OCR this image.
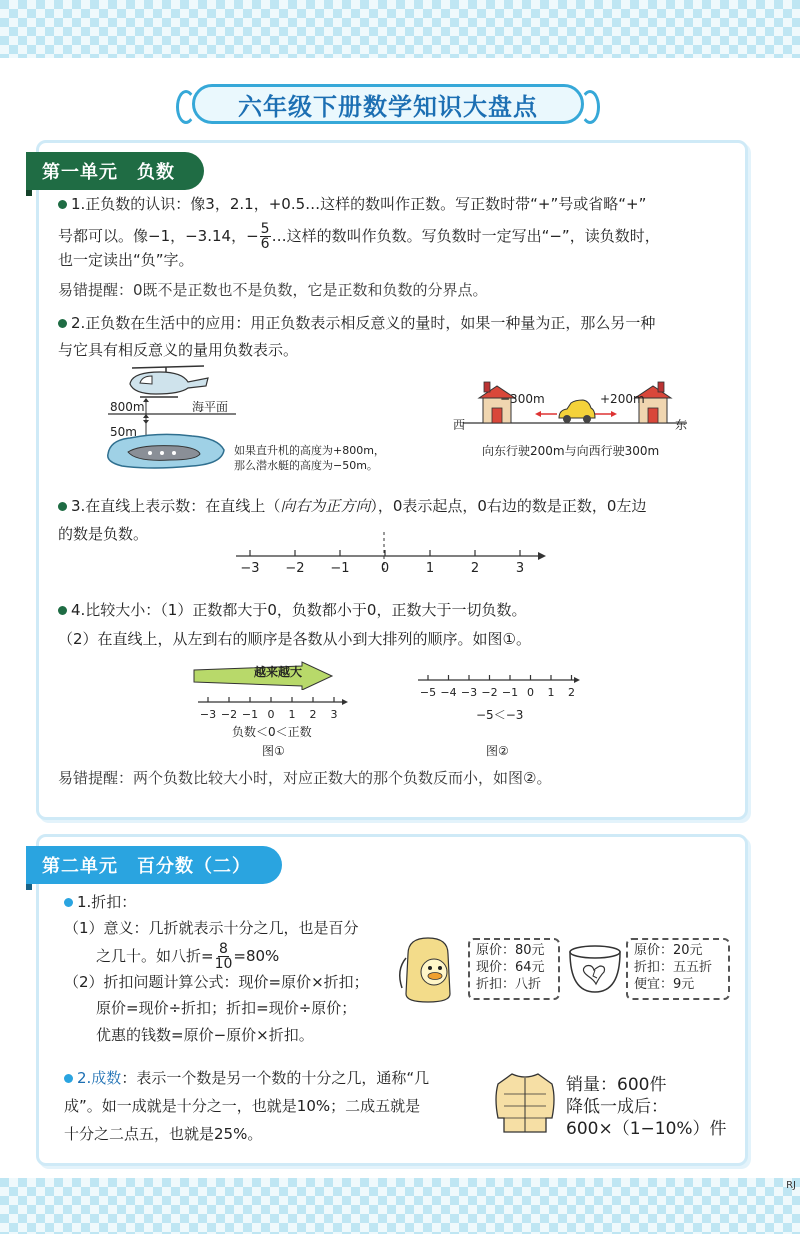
六年级下册数学知识大盘点
第一单元　负数
1.正负数的认识：像3，2.1，+0.5…这样的数叫作正数。写正数时带“+”号或省略“+”
号都可以。像−1，−3.14，− $\frac{5}{6}$ …这样的数叫作负数。写负数时一定写出“−”，读负数时，
也一定读出“负”字。
易错提醒：0既不是正数也不是负数，它是正数和负数的分界点。
2.正负数在生活中的应用：用正负数表示相反意义的量时，如果一种量为正，那么另一种
与它具有相反意义的量用负数表示。
800m	海平面
50m
如果直升机的高度为+800m，
那么潜水艇的高度为−50m。
−300m	+200m
西	东
向东行驶200m与向西行驶300m
3.在直线上表示数：在直线上（向右为正方向），0表示起点，0右边的数是正数，0左边
的数是负数。
−3 −2 −1 0	1	2	3
4.比较大小：（1）正数都大于0，负数都小于0，正数大于一切负数。
（2）在直线上，从左到右的顺序是各数从小到大排列的顺序。如图①。
越来越大
−3 −2 −1 0 1 2 3
负数＜0＜正数
图①
−5 −4 −3 −2 −1 0 1 2
−5＜−3
图②
易错提醒：两个负数比较大小时，对应正数大的那个负数反而小，如图②。
第二单元　百分数（二）
1.折扣：
（1）意义：几折就表示十分之几，也是百分
之几十。如八折= $\frac{8}{10} =80\%$
（2）折扣问题计算公式：现价=原价×折扣；
原价=现价÷折扣；折扣=现价÷原价；
优惠的钱数=原价−原价×折扣。
原价：80元
现价：64元
折扣：八折
原价：20元
折扣：五五折
便宜：9元
2.成数：表示一个数是另一个数的十分之几，通称“几
成”。如一成就是十分之一，也就是10%；二成五就是
十分之二点五，也就是25%。
销量：600件
降低一成后：
600×（1−10%）件
RJ
